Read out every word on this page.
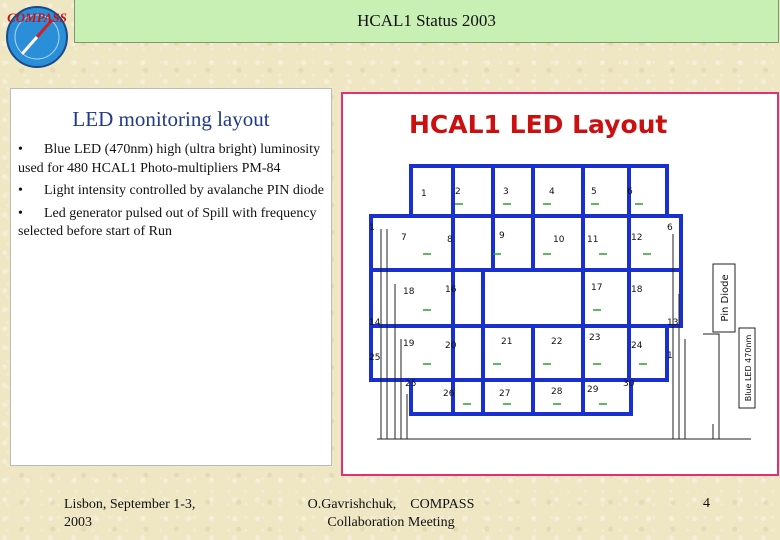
COMPASS	HCAL1 Status 2003
LED monitoring layout

• Blue LED (470nm) high (ultra bright) luminosity used for 480 HCAL1 Photo-multipliers PM-84

• Light intensity controlled by avalanche PIN diode

• Led generator pulsed out of Spill with frequency selected before start of Run

HCAL1 LED Layout
Pin Diode
Blue LED 470nm
1	2	3	4	5	6
1
7	8	9	10	11	12
6
18	16	17	18
14	13
19	20	21	22	23
24
1
25
25
26	27	28	29
30
Lisbon, September 1-3,
2003
O.Gavrishchuk,    COMPASS
Collaboration Meeting
4
